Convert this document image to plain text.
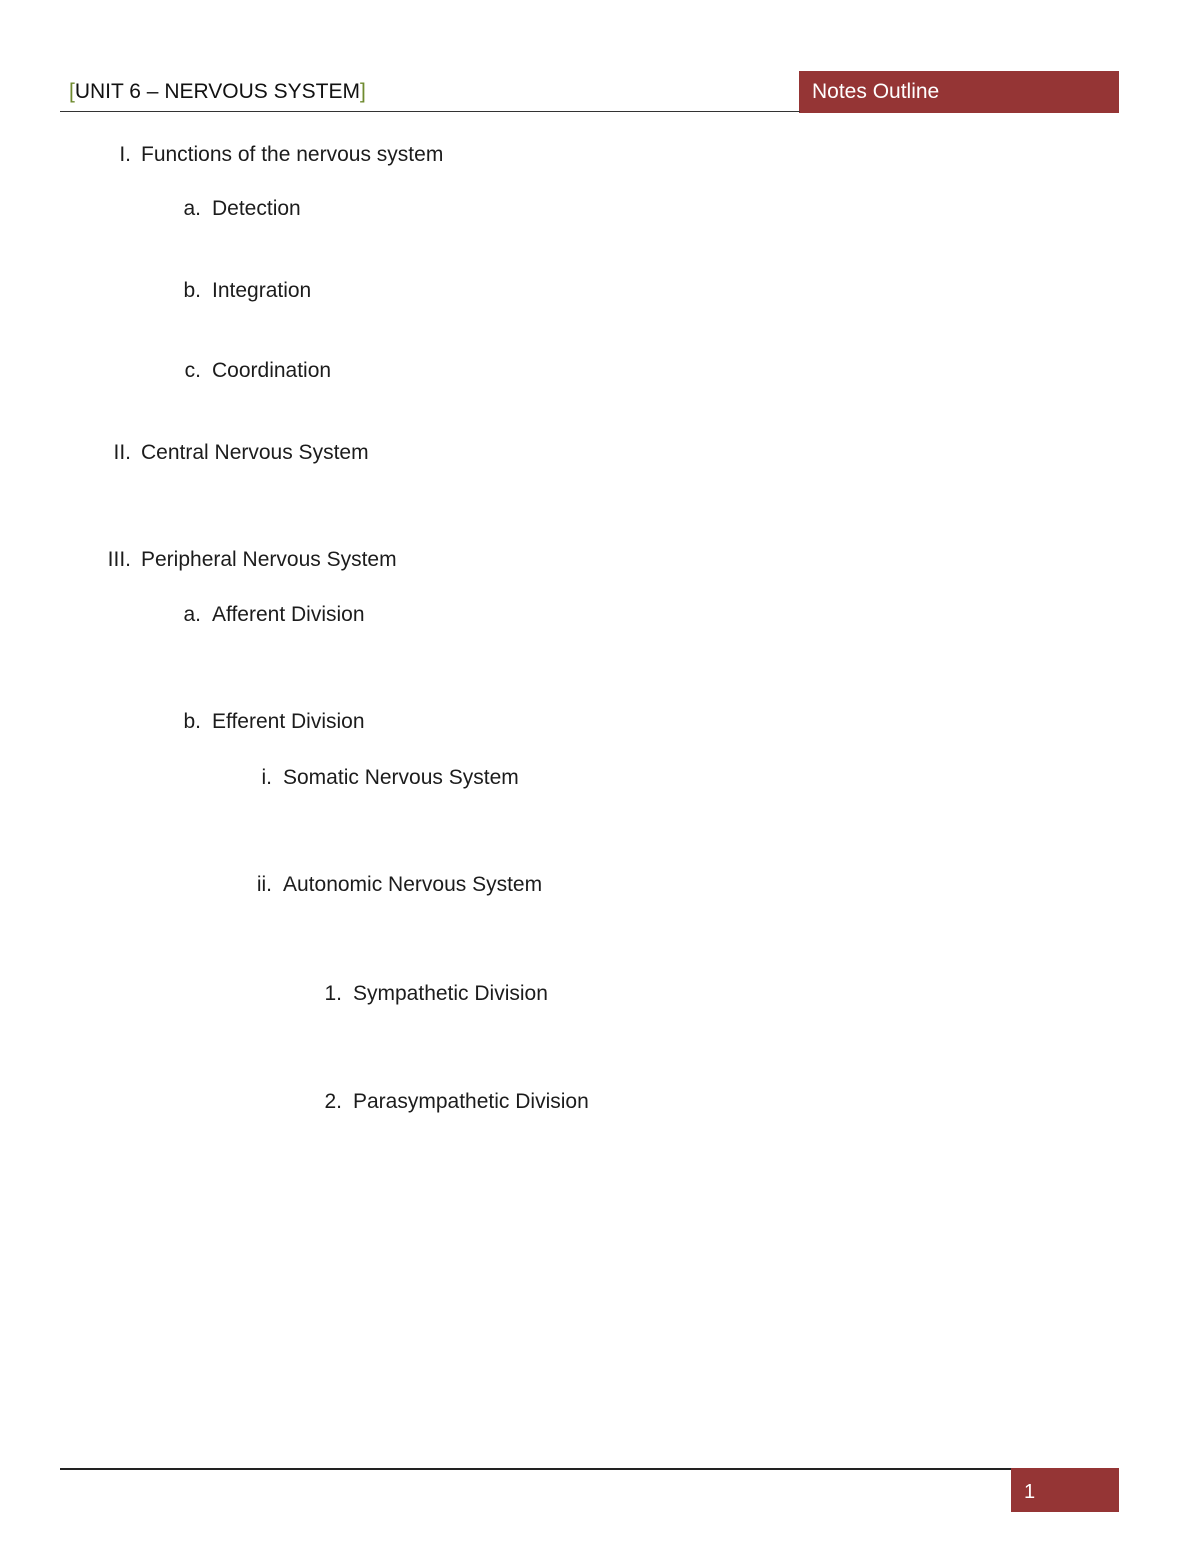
[UNIT 6 – NERVOUS SYSTEM]	Notes Outline
I. Functions of the nervous system
a. Detection
b. Integration
c. Coordination
II. Central Nervous System
III. Peripheral Nervous System
a. Afferent Division
b. Efferent Division
i. Somatic Nervous System
ii. Autonomic Nervous System
1. Sympathetic Division
2. Parasympathetic Division
1
